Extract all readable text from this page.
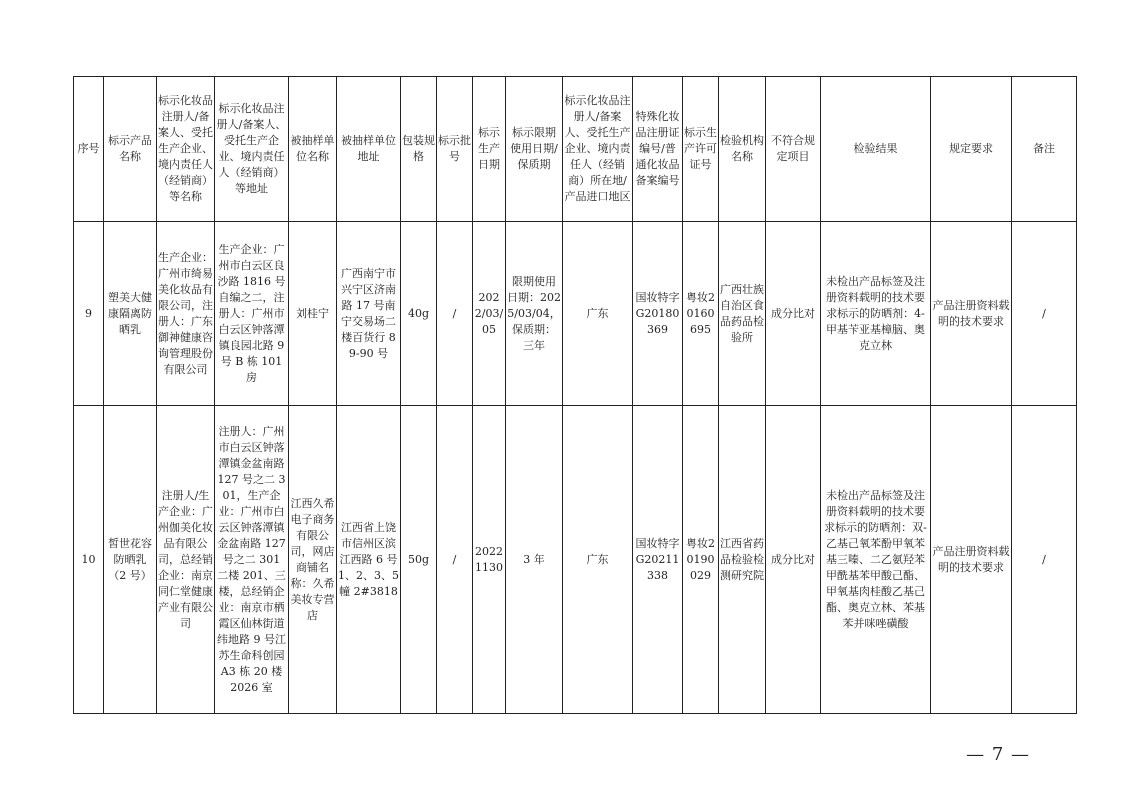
序号	标示产品名称	标示化妆品注册人/备案人、受托生产企业、境内责任人（经销商）等名称	标示化妆品注册人/备案人、受托生产企业、境内责任人（经销商）等地址	被抽样单位名称	被抽样单位地址	包装规格	标示批号	标示生产日期	标示限期使用日期/保质期	标示化妆品注册人/备案人、受托生产企业、境内责任人（经销商）所在地/产品进口地区	特殊化妆品注册证编号/普通化妆品备案编号	标示生产许可证号	检验机构名称	不符合规定项目	检验结果	规定要求	备注
9	塑美大健康隔离防晒乳	生产企业：广州市绮易美化妆品有限公司，注册人：广东御神健康咨询管理股份有限公司	生产企业：广州市白云区良沙路 1816 号自编之二，注册人：广州市白云区钟落潭镇良园北路 9 号 B 栋 101 房	刘桂宁	广西南宁市兴宁区济南路 17 号南宁交易场二楼百货行 89-90 号	40g	/	2022/03/05	限期使用日期：2025/03/04，保质期：三年	广东	国妆特字G20180369	粤妆20160695	广西壮族自治区食品药品检验所	成分比对	未检出产品标签及注册资料载明的技术要求标示的防晒剂：4-甲基苄亚基樟脑、奥克立林	产品注册资料载明的技术要求	/
10	皙世花容防晒乳（2 号）	注册人/生产企业：广州伽美化妆品有限公司，总经销企业：南京同仁堂健康产业有限公司	注册人：广州市白云区钟落潭镇金盆南路 127 号之二 301，生产企业：广州市白云区钟落潭镇金盆南路 127 号之二 301 二楼 201、三楼，总经销企业：南京市栖霞区仙林街道纬地路 9 号江苏生命科创园 A3 栋 20 楼 2026 室	江西久希电子商务有限公司，网店商铺名称：久希美妆专营店	江西省上饶市信州区滨江西路 6 号 1、2、3、5 幢 2#3818	50g	/	20221130	3 年	广东	国妆特字G20211338	粤妆20190029	江西省药品检验检测研究院	成分比对	未检出产品标签及注册资料载明的技术要求标示的防晒剂：双-乙基己氧苯酚甲氧苯基三嗪、二乙氨羟苯甲酰基苯甲酸己酯、甲氧基肉桂酸乙基己酯、奥克立林、苯基苯并咪唑磺酸	产品注册资料载明的技术要求	/
— 7 —
